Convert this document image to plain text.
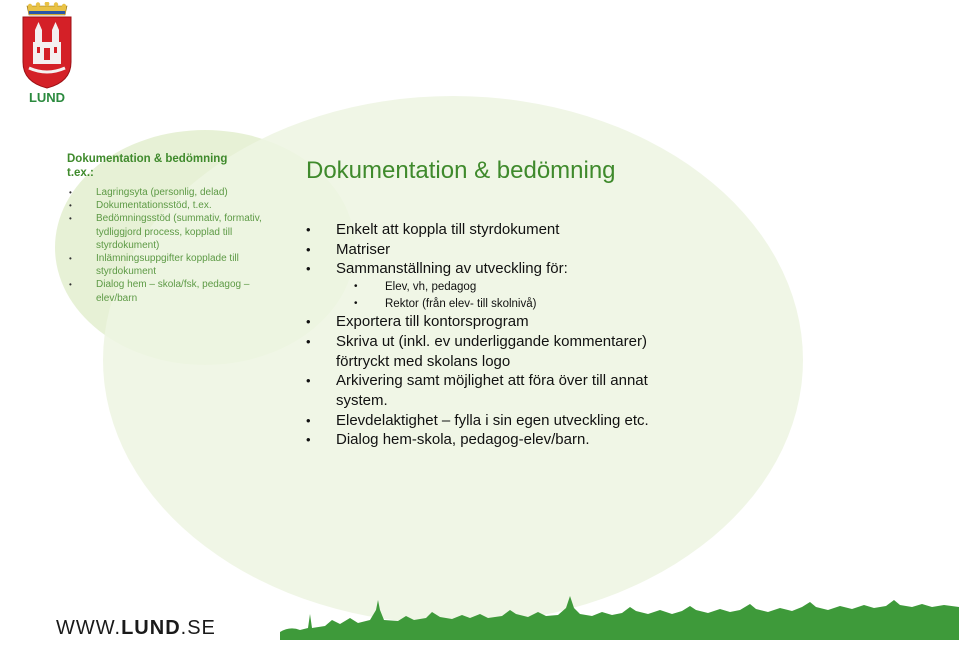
LUND

Dokumentation & bedömning
t.ex.:

• Lagringsyta (personlig, delad)
• Dokumentationsstöd, t.ex.
• Bedömningsstöd (summativ, formativ, tydliggjord process, kopplad till styrdokument)
• Inlämningsuppgifter kopplade till styrdokument
• Dialog hem – skola/fsk, pedagog – elev/barn
Dokumentation & bedömning
• Enkelt att koppla till styrdokument
• Matriser
• Sammanställning av utveckling för:
• Elev, vh, pedagog
• Rektor (från elev- till skolnivå)
• Exportera till kontorsprogram
• Skriva ut (inkl. ev underliggande kommentarer) förtryckt med skolans logo
• Arkivering samt möjlighet att föra över till annat system.
• Elevdelaktighet – fylla i sin egen utveckling etc.
• Dialog hem-skola, pedagog-elev/barn.
WWW.LUND.SE
